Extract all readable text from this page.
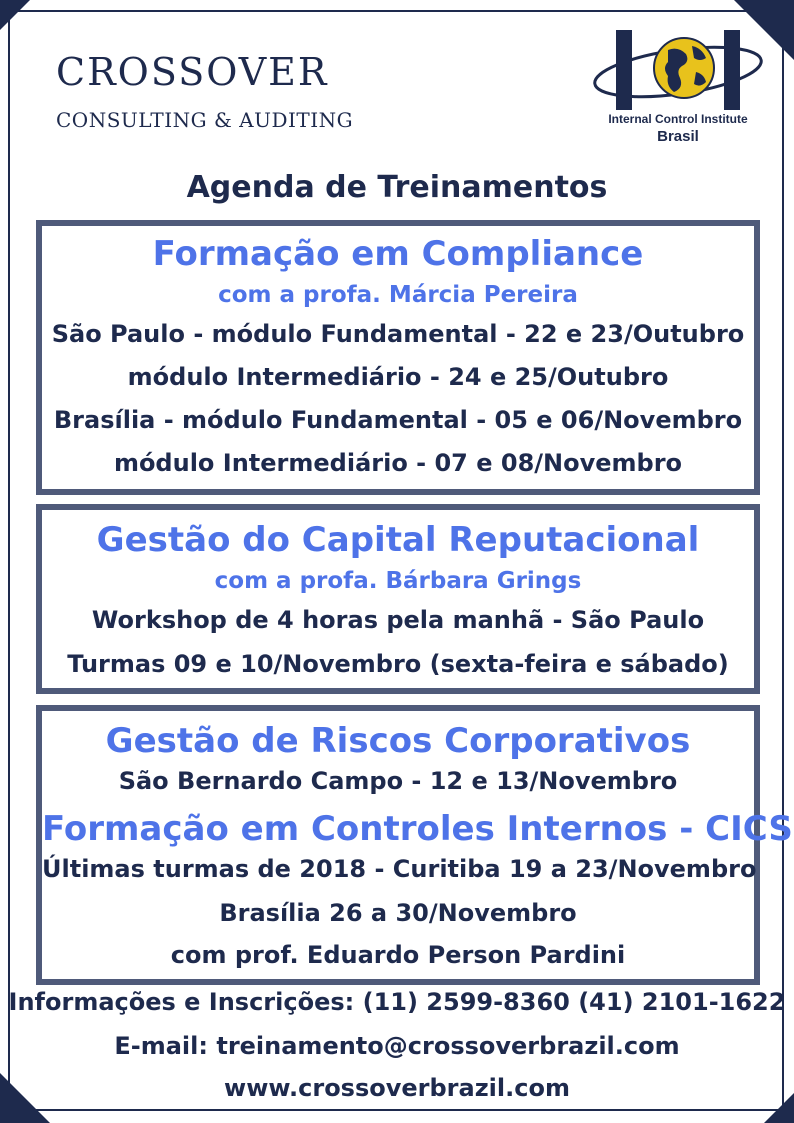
CROSSOVER
CONSULTING & AUDITING	Internal Control Institute
Brasil
Agenda de Treinamentos
Formação em Compliance
com a profa. Márcia Pereira
São Paulo - módulo Fundamental - 22 e 23/Outubro
módulo Intermediário - 24 e 25/Outubro
Brasília - módulo Fundamental - 05 e 06/Novembro
módulo Intermediário - 07 e 08/Novembro
Gestão do Capital Reputacional
com a profa. Bárbara Grings
Workshop de 4 horas pela manhã - São Paulo
Turmas 09 e 10/Novembro (sexta-feira e sábado)
Gestão de Riscos Corporativos
São Bernardo Campo - 12 e 13/Novembro
Formação em Controles Internos - CICS
Últimas turmas de 2018 - Curitiba 19 a 23/Novembro
Brasília 26 a 30/Novembro
com prof. Eduardo Person Pardini
Informações e Inscrições: (11) 2599-8360 (41) 2101-1622
E-mail: treinamento@crossoverbrazil.com
www.crossoverbrazil.com
